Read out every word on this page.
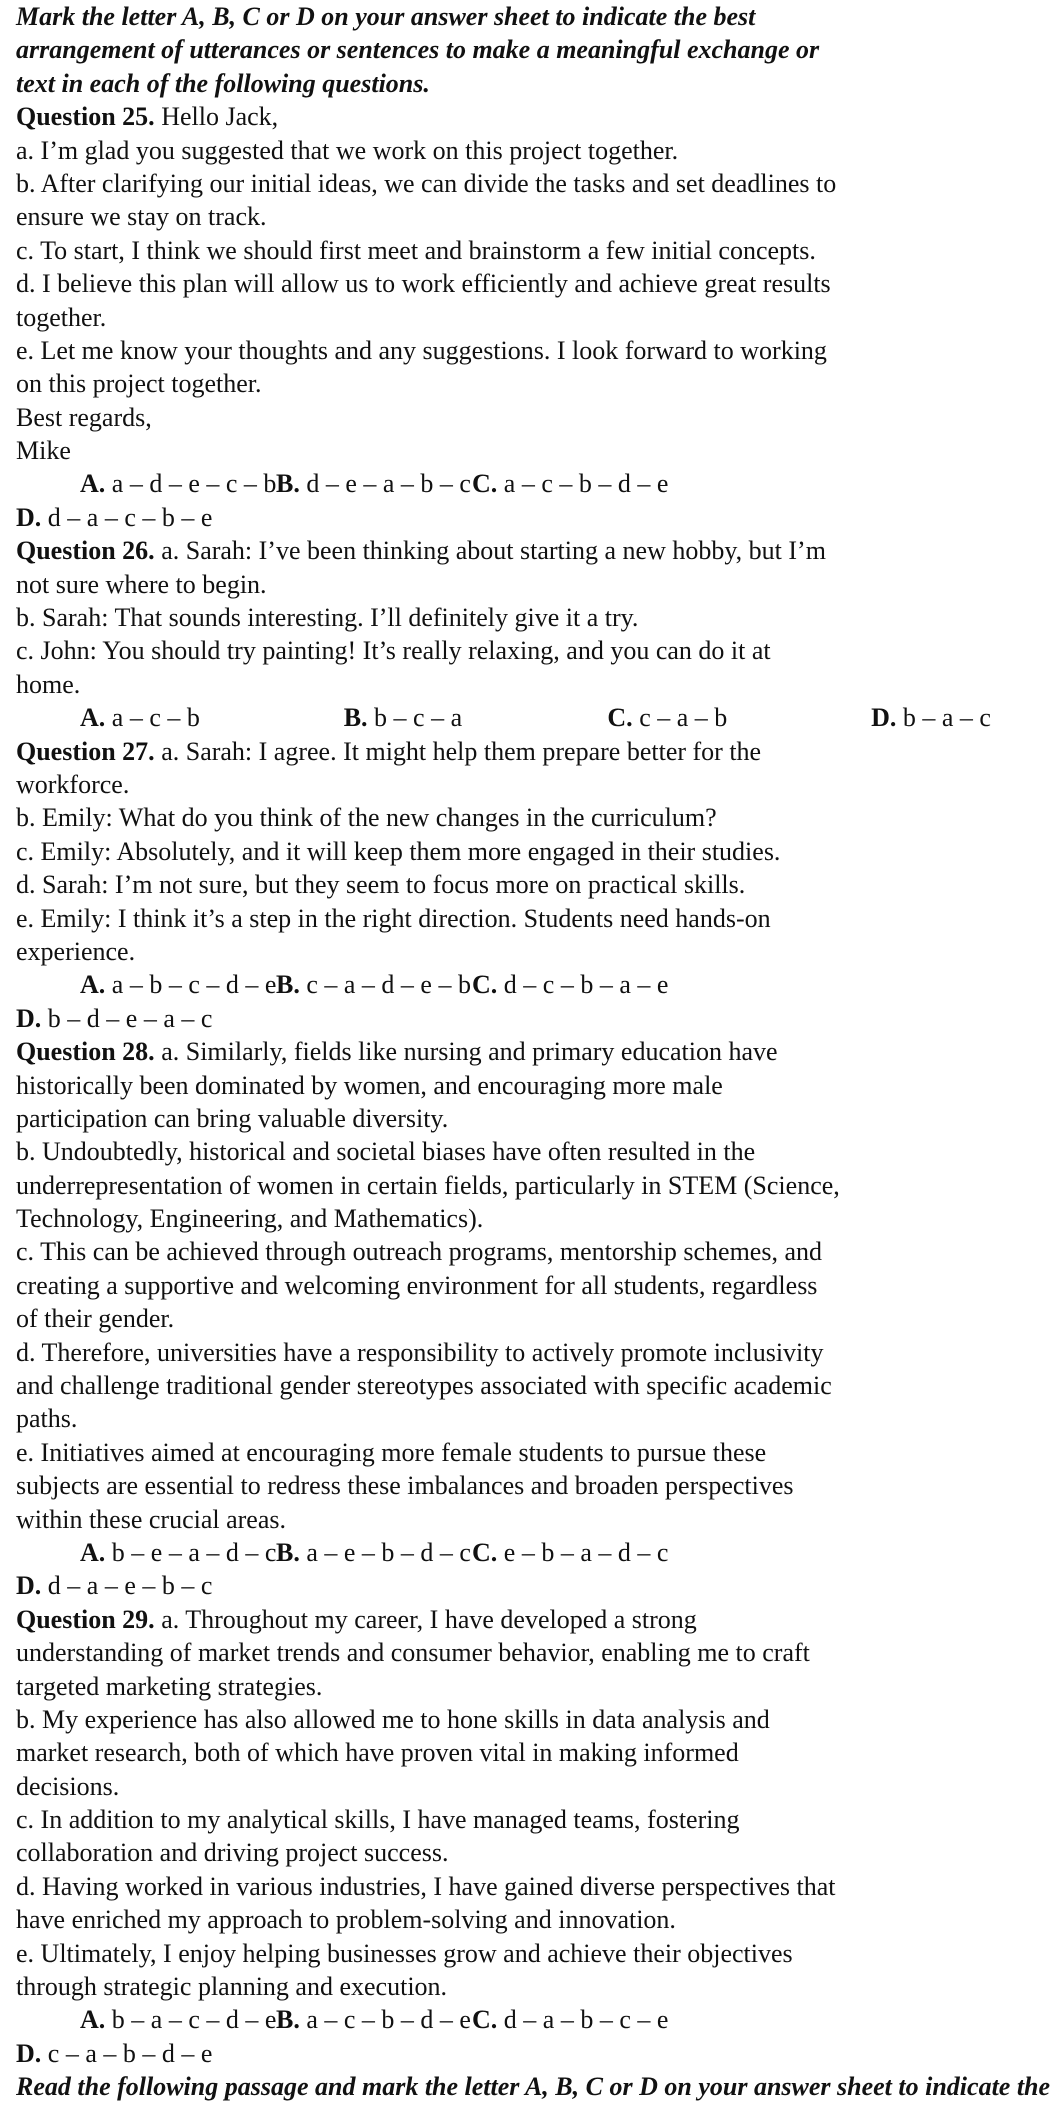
Mark the letter A, B, C or D on your answer sheet to indicate the best
arrangement of utterances or sentences to make a meaningful exchange or
text in each of the following questions.
Question 25. Hello Jack,
a. I’m glad you suggested that we work on this project together.
b. After clarifying our initial ideas, we can divide the tasks and set deadlines to
ensure we stay on track.
c. To start, I think we should first meet and brainstorm a few initial concepts.
d. I believe this plan will allow us to work efficiently and achieve great results
together.
e. Let me know your thoughts and any suggestions. I look forward to working
on this project together.
Best regards,
Mike
A. a – d – e – c – b B. d – e – a – b – c C. a – c – b – d – e
D. d – a – c – b – e
Question 26. a. Sarah: I’ve been thinking about starting a new hobby, but I’m
not sure where to begin.
b. Sarah: That sounds interesting. I’ll definitely give it a try.
c. John: You should try painting! It’s really relaxing, and you can do it at
home.
A. a – c – b	B. b – c – a	C. c – a – b	D. b – a – c
Question 27. a. Sarah: I agree. It might help them prepare better for the
workforce.
b. Emily: What do you think of the new changes in the curriculum?
c. Emily: Absolutely, and it will keep them more engaged in their studies.
d. Sarah: I’m not sure, but they seem to focus more on practical skills.
e. Emily: I think it’s a step in the right direction. Students need hands-on
experience.
A. a – b – c – d – e B. c – a – d – e – b C. d – c – b – a – e
D. b – d – e – a – c
Question 28. a. Similarly, fields like nursing and primary education have
historically been dominated by women, and encouraging more male
participation can bring valuable diversity.
b. Undoubtedly, historical and societal biases have often resulted in the
underrepresentation of women in certain fields, particularly in STEM (Science,
Technology, Engineering, and Mathematics).
c. This can be achieved through outreach programs, mentorship schemes, and
creating a supportive and welcoming environment for all students, regardless
of their gender.
d. Therefore, universities have a responsibility to actively promote inclusivity
and challenge traditional gender stereotypes associated with specific academic
paths.
e. Initiatives aimed at encouraging more female students to pursue these
subjects are essential to redress these imbalances and broaden perspectives
within these crucial areas.
A. b – e – a – d – c B. a – e – b – d – c C. e – b – a – d – c
D. d – a – e – b – c
Question 29. a. Throughout my career, I have developed a strong
understanding of market trends and consumer behavior, enabling me to craft
targeted marketing strategies.
b. My experience has also allowed me to hone skills in data analysis and
market research, both of which have proven vital in making informed
decisions.
c. In addition to my analytical skills, I have managed teams, fostering
collaboration and driving project success.
d. Having worked in various industries, I have gained diverse perspectives that
have enriched my approach to problem-solving and innovation.
e. Ultimately, I enjoy helping businesses grow and achieve their objectives
through strategic planning and execution.
A. b – a – c – d – e B. a – c – b – d – e C. d – a – b – c – e
D. c – a – b – d – e
Read the following passage and mark the letter A, B, C or D on your answer sheet to indicate the
